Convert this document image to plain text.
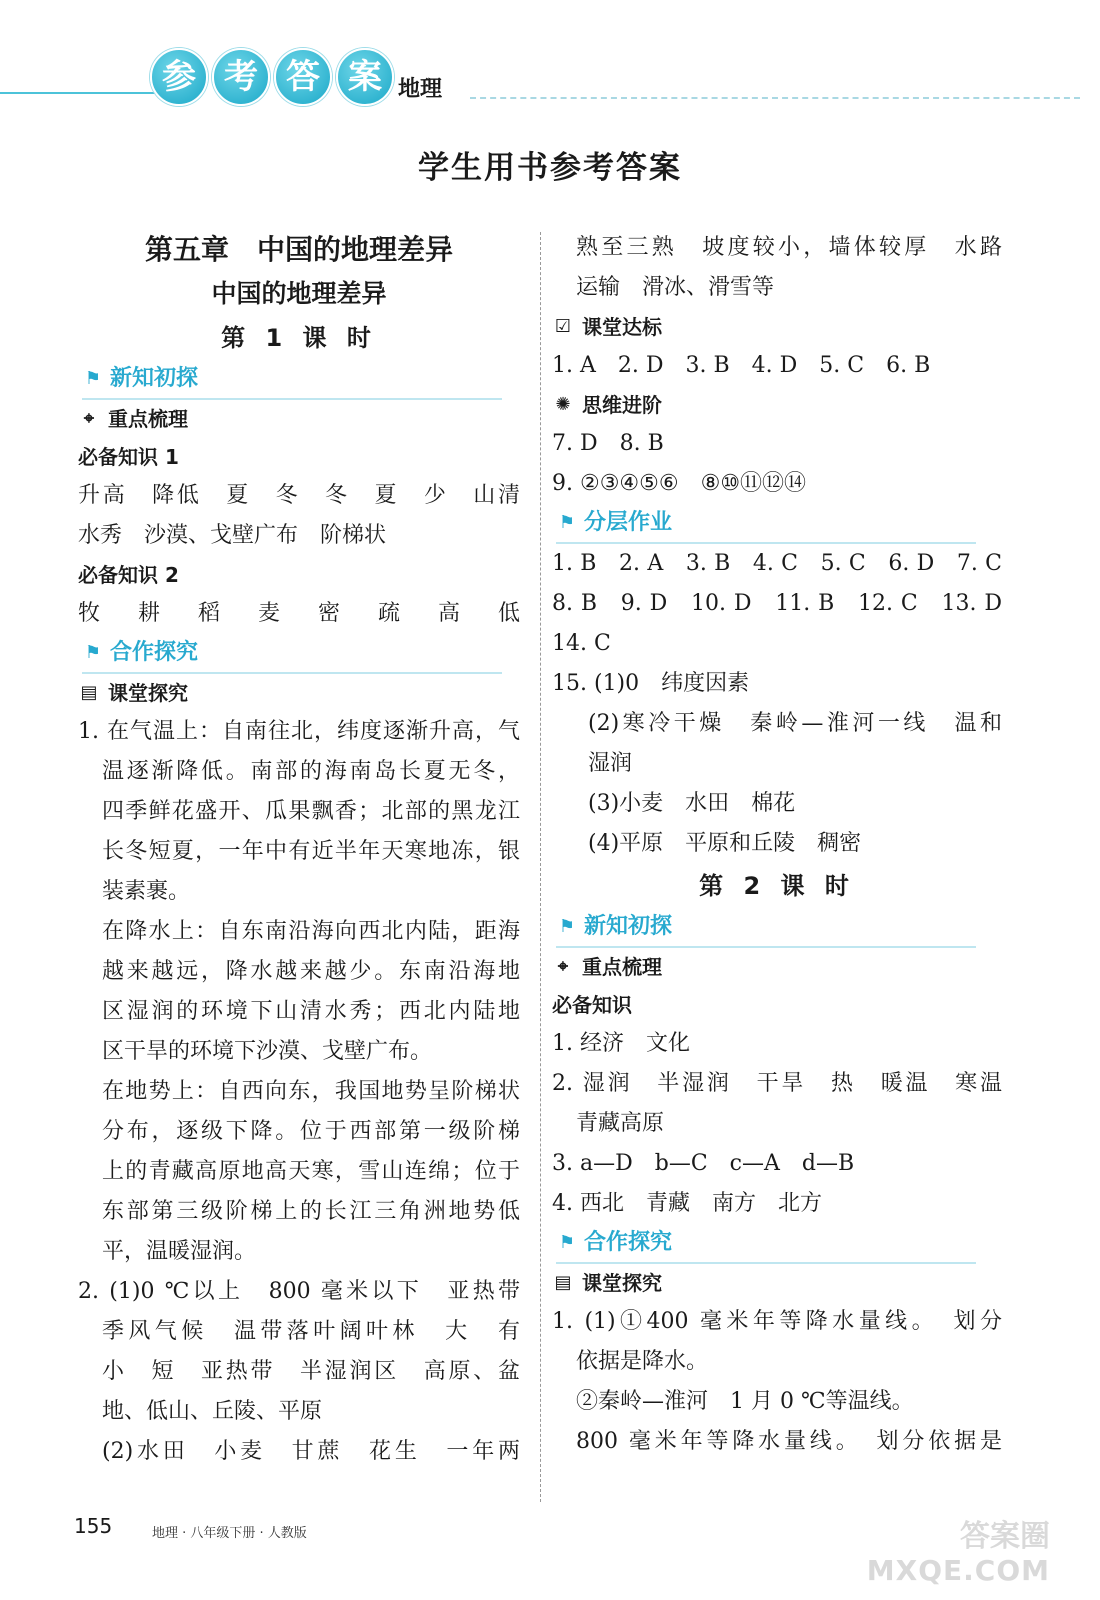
参 考 答 案 地理
学生用书参考答案
第五章　中国的地理差异
中国的地理差异
第 1 课 时
⚑ 新知初探
⌖ 重点梳理
必备知识 1
升高　降低　夏　冬　冬　夏　少　山清
水秀　沙漠、戈壁广布　阶梯状
必备知识 2
牧　耕　稻　麦　密　疏　高　低
⚑ 合作探究
▤ 课堂探究
1. 在气温上：自南往北，纬度逐渐升高，气
温逐渐降低。南部的海南岛长夏无冬，
四季鲜花盛开、瓜果飘香；北部的黑龙江
长冬短夏，一年中有近半年天寒地冻，银
装素裹。
在降水上：自东南沿海向西北内陆，距海
越来越远，降水越来越少。东南沿海地
区湿润的环境下山清水秀；西北内陆地
区干旱的环境下沙漠、戈壁广布。
在地势上：自西向东，我国地势呈阶梯状
分布，逐级下降。位于西部第一级阶梯
上的青藏高原地高天寒，雪山连绵；位于
东部第三级阶梯上的长江三角洲地势低
平，温暖湿润。
2. (1)0 ℃以上　800 毫米以下　亚热带
季风气候　温带落叶阔叶林　大　有
小　短　亚热带　半湿润区　高原、盆
地、低山、丘陵、平原
(2)水田　小麦　甘蔗　花生　一年两
熟至三熟　坡度较小，墙体较厚　水路
运输　滑冰、滑雪等
☑ 课堂达标
1. A　2. D　3. B　4. D　5. C　6. B
✺ 思维进阶
7. D　8. B
9. ②③④⑤⑥　⑧⑩⑪⑫⑭
⚑ 分层作业
1. B　2. A　3. B　4. C　5. C　6. D　7. C
8. B　9. D　10. D　11. B　12. C　13. D
14. C
15. (1)0　纬度因素
(2)寒冷干燥　秦岭—淮河一线　温和
湿润
(3)小麦　水田　棉花
(4)平原　平原和丘陵　稠密
第 2 课 时
⚑ 新知初探
⌖ 重点梳理
必备知识
1. 经济　文化
2. 湿润　半湿润　干旱　热　暖温　寒温
青藏高原
3. a—D　b—C　c—A　d—B
4. 西北　青藏　南方　北方
⚑ 合作探究
▤ 课堂探究
1. (1)①400 毫米年等降水量线。　划分
依据是降水。
②秦岭—淮河　1 月 0 ℃等温线。
800 毫米年等降水量线。　划分依据是
155	地理 · 八年级下册 · 人教版	答案圈
MXQE.COM
